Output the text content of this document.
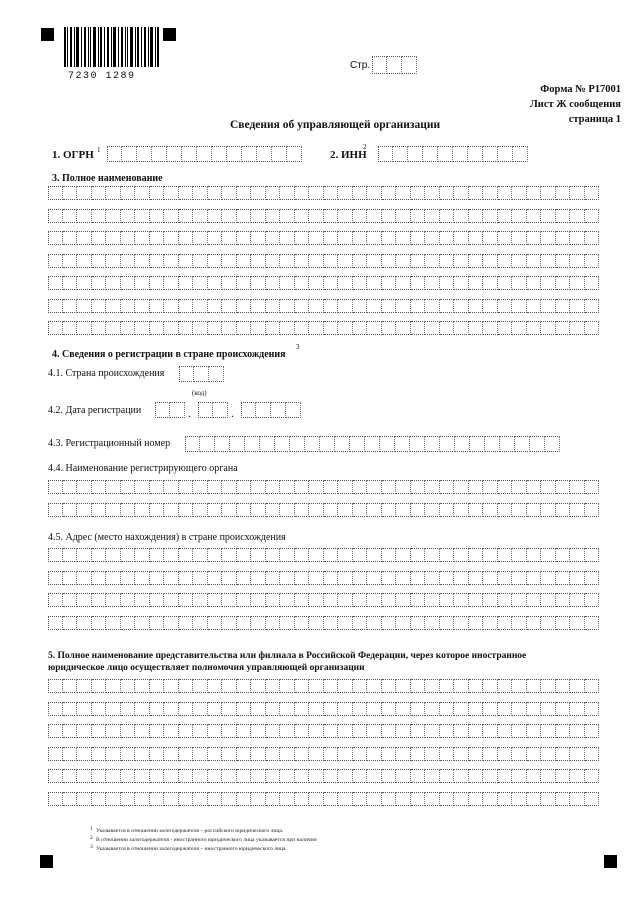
7230 1289
Стр.
Форма № Р17001
Лист Ж сообщения
страница 1
Сведения об управляющей организации
1. ОГРН 1	2. ИНН
2
3. Полное наименование
4. Сведения о регистрации в стране происхождения
3
4.1. Страна происхождения
(код)
4.2. Дата регистрации	.	.
4.3. Регистрационный номер
4.4. Наименование регистрирующего органа
4.5. Адрес (место нахождения) в стране происхождения
5. Полное наименование представительства или филиала в Российской Федерации, через которое иностранное
юридическое лицо осуществляет полномочия управляющей организации
1 Указывается в отношении залогодержателя – российского юридического лица.
2 В отношении залогодержателя - иностранного юридического лица указывается при наличии
3 Указывается в отношении залогодержателя – иностранного юридического лица.
